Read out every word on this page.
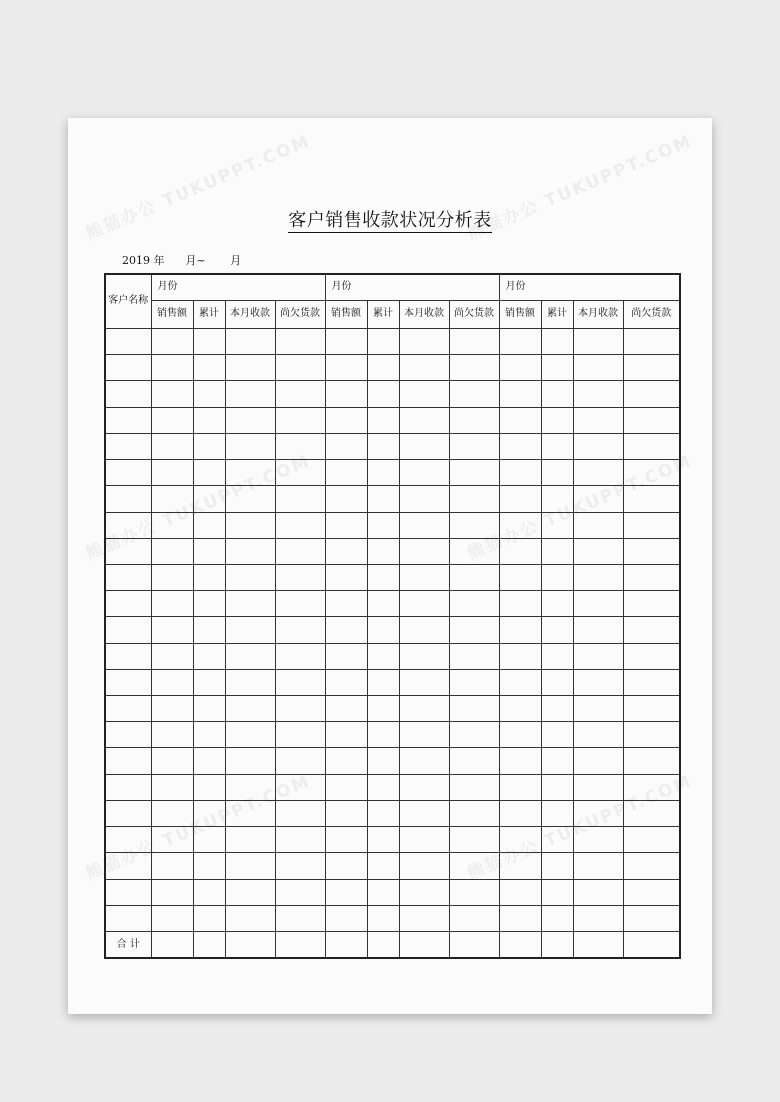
客户销售收款状况分析表
2019 年      月~       月
客户名称	月份				月份				月份			
	销售额	累计	本月收款	尚欠货款	销售额	累计	本月收款	尚欠货款	销售额	累计	本月收款	尚欠货款

合 计												
熊猫办公 TUKUPPT.COM	熊猫办公 TUKUPPT.COM
熊猫办公 TUKUPPT.COM	熊猫办公 TUKUPPT.COM
熊猫办公 TUKUPPT.COM	熊猫办公 TUKUPPT.COM
